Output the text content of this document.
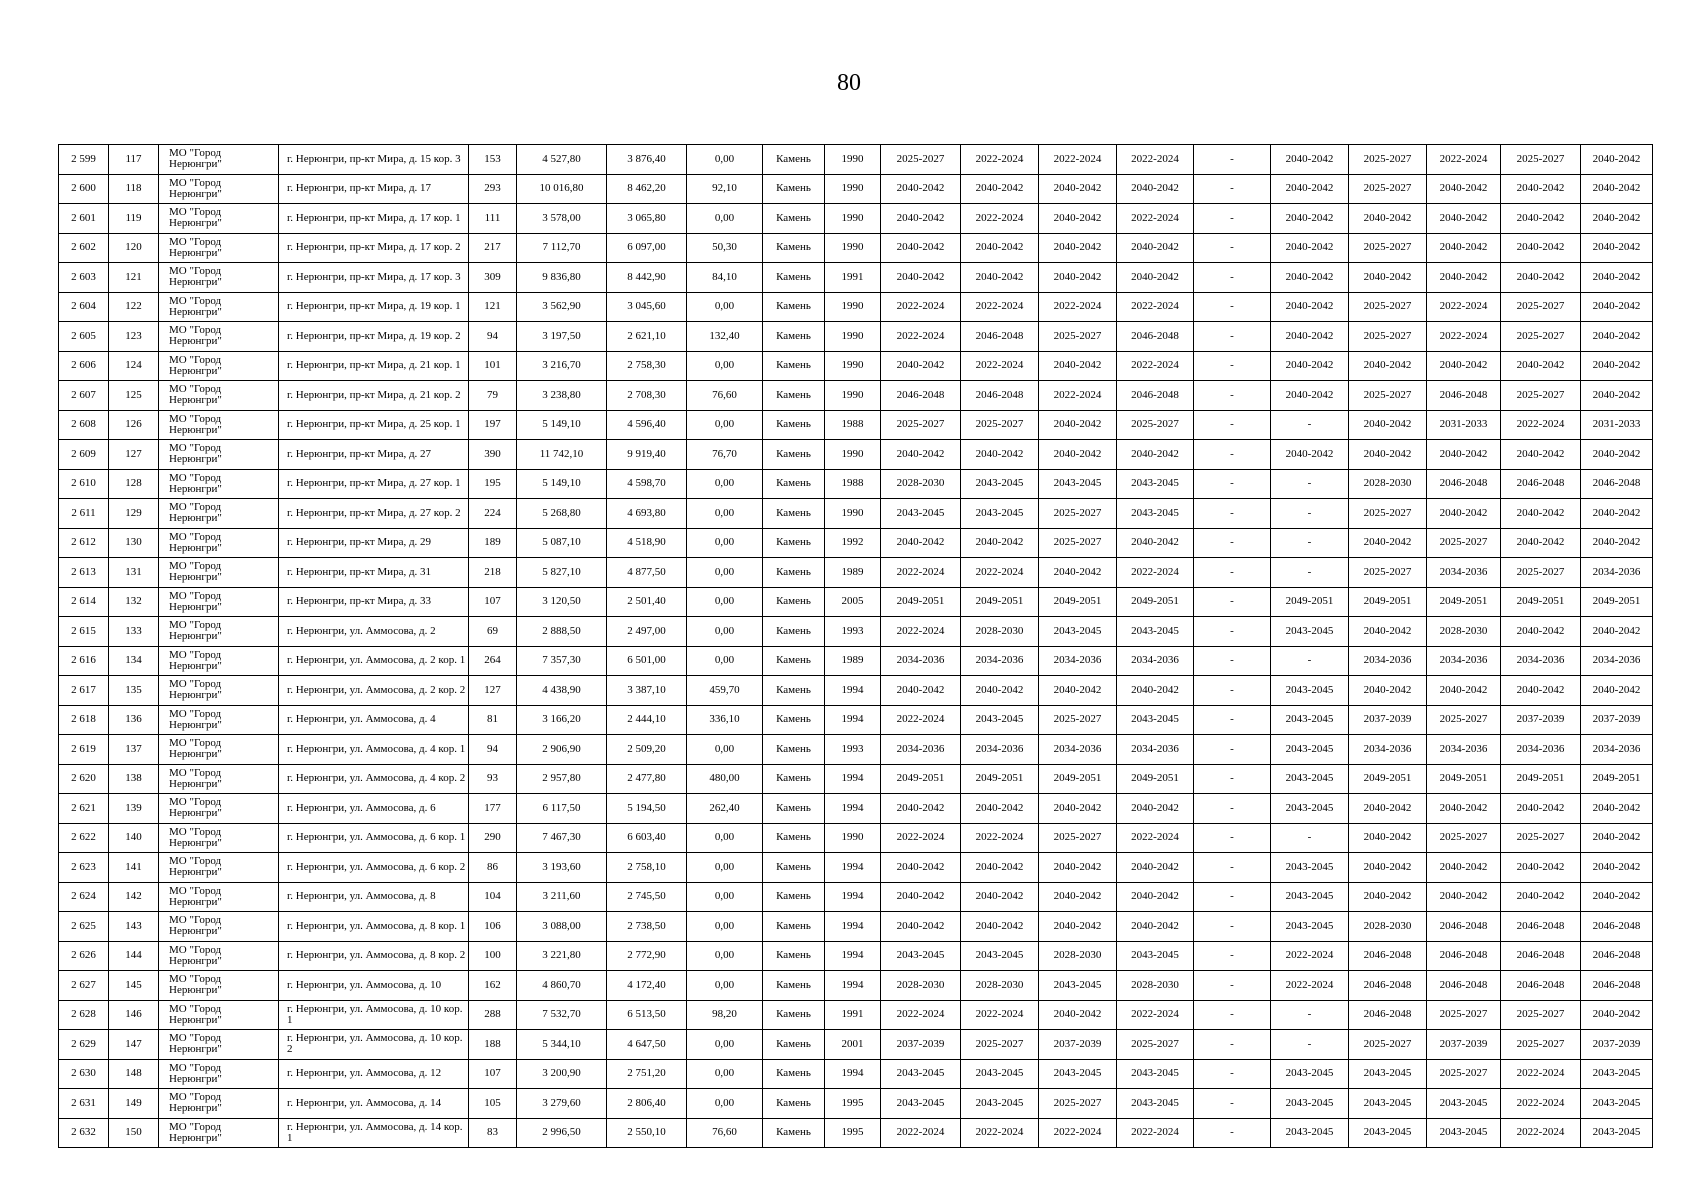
80
2 599	117	МО "Город Нерюнгри"	г. Нерюнгри, пр-кт Мира, д. 15 кор. 3	153	4 527,80	3 876,40	0,00	Камень	1990	2025-2027	2022-2024	2022-2024	2022-2024	-	2040-2042	2025-2027	2022-2024	2025-2027	2040-2042
2 600	118	МО "Город Нерюнгри"	г. Нерюнгри, пр-кт Мира, д. 17	293	10 016,80	8 462,20	92,10	Камень	1990	2040-2042	2040-2042	2040-2042	2040-2042	-	2040-2042	2025-2027	2040-2042	2040-2042	2040-2042
2 601	119	МО "Город Нерюнгри"	г. Нерюнгри, пр-кт Мира, д. 17 кор. 1	111	3 578,00	3 065,80	0,00	Камень	1990	2040-2042	2022-2024	2040-2042	2022-2024	-	2040-2042	2040-2042	2040-2042	2040-2042	2040-2042
2 602	120	МО "Город Нерюнгри"	г. Нерюнгри, пр-кт Мира, д. 17 кор. 2	217	7 112,70	6 097,00	50,30	Камень	1990	2040-2042	2040-2042	2040-2042	2040-2042	-	2040-2042	2025-2027	2040-2042	2040-2042	2040-2042
2 603	121	МО "Город Нерюнгри"	г. Нерюнгри, пр-кт Мира, д. 17 кор. 3	309	9 836,80	8 442,90	84,10	Камень	1991	2040-2042	2040-2042	2040-2042	2040-2042	-	2040-2042	2040-2042	2040-2042	2040-2042	2040-2042
2 604	122	МО "Город Нерюнгри"	г. Нерюнгри, пр-кт Мира, д. 19 кор. 1	121	3 562,90	3 045,60	0,00	Камень	1990	2022-2024	2022-2024	2022-2024	2022-2024	-	2040-2042	2025-2027	2022-2024	2025-2027	2040-2042
2 605	123	МО "Город Нерюнгри"	г. Нерюнгри, пр-кт Мира, д. 19 кор. 2	94	3 197,50	2 621,10	132,40	Камень	1990	2022-2024	2046-2048	2025-2027	2046-2048	-	2040-2042	2025-2027	2022-2024	2025-2027	2040-2042
2 606	124	МО "Город Нерюнгри"	г. Нерюнгри, пр-кт Мира, д. 21 кор. 1	101	3 216,70	2 758,30	0,00	Камень	1990	2040-2042	2022-2024	2040-2042	2022-2024	-	2040-2042	2040-2042	2040-2042	2040-2042	2040-2042
2 607	125	МО "Город Нерюнгри"	г. Нерюнгри, пр-кт Мира, д. 21 кор. 2	79	3 238,80	2 708,30	76,60	Камень	1990	2046-2048	2046-2048	2022-2024	2046-2048	-	2040-2042	2025-2027	2046-2048	2025-2027	2040-2042
2 608	126	МО "Город Нерюнгри"	г. Нерюнгри, пр-кт Мира, д. 25 кор. 1	197	5 149,10	4 596,40	0,00	Камень	1988	2025-2027	2025-2027	2040-2042	2025-2027	-	-	2040-2042	2031-2033	2022-2024	2031-2033
2 609	127	МО "Город Нерюнгри"	г. Нерюнгри, пр-кт Мира, д. 27	390	11 742,10	9 919,40	76,70	Камень	1990	2040-2042	2040-2042	2040-2042	2040-2042	-	2040-2042	2040-2042	2040-2042	2040-2042	2040-2042
2 610	128	МО "Город Нерюнгри"	г. Нерюнгри, пр-кт Мира, д. 27 кор. 1	195	5 149,10	4 598,70	0,00	Камень	1988	2028-2030	2043-2045	2043-2045	2043-2045	-	-	2028-2030	2046-2048	2046-2048	2046-2048
2 611	129	МО "Город Нерюнгри"	г. Нерюнгри, пр-кт Мира, д. 27 кор. 2	224	5 268,80	4 693,80	0,00	Камень	1990	2043-2045	2043-2045	2025-2027	2043-2045	-	-	2025-2027	2040-2042	2040-2042	2040-2042
2 612	130	МО "Город Нерюнгри"	г. Нерюнгри, пр-кт Мира, д. 29	189	5 087,10	4 518,90	0,00	Камень	1992	2040-2042	2040-2042	2025-2027	2040-2042	-	-	2040-2042	2025-2027	2040-2042	2040-2042
2 613	131	МО "Город Нерюнгри"	г. Нерюнгри, пр-кт Мира, д. 31	218	5 827,10	4 877,50	0,00	Камень	1989	2022-2024	2022-2024	2040-2042	2022-2024	-	-	2025-2027	2034-2036	2025-2027	2034-2036
2 614	132	МО "Город Нерюнгри"	г. Нерюнгри, пр-кт Мира, д. 33	107	3 120,50	2 501,40	0,00	Камень	2005	2049-2051	2049-2051	2049-2051	2049-2051	-	2049-2051	2049-2051	2049-2051	2049-2051	2049-2051
2 615	133	МО "Город Нерюнгри"	г. Нерюнгри, ул. Аммосова, д. 2	69	2 888,50	2 497,00	0,00	Камень	1993	2022-2024	2028-2030	2043-2045	2043-2045	-	2043-2045	2040-2042	2028-2030	2040-2042	2040-2042
2 616	134	МО "Город Нерюнгри"	г. Нерюнгри, ул. Аммосова, д. 2 кор. 1	264	7 357,30	6 501,00	0,00	Камень	1989	2034-2036	2034-2036	2034-2036	2034-2036	-	-	2034-2036	2034-2036	2034-2036	2034-2036
2 617	135	МО "Город Нерюнгри"	г. Нерюнгри, ул. Аммосова, д. 2 кор. 2	127	4 438,90	3 387,10	459,70	Камень	1994	2040-2042	2040-2042	2040-2042	2040-2042	-	2043-2045	2040-2042	2040-2042	2040-2042	2040-2042
2 618	136	МО "Город Нерюнгри"	г. Нерюнгри, ул. Аммосова, д. 4	81	3 166,20	2 444,10	336,10	Камень	1994	2022-2024	2043-2045	2025-2027	2043-2045	-	2043-2045	2037-2039	2025-2027	2037-2039	2037-2039
2 619	137	МО "Город Нерюнгри"	г. Нерюнгри, ул. Аммосова, д. 4 кор. 1	94	2 906,90	2 509,20	0,00	Камень	1993	2034-2036	2034-2036	2034-2036	2034-2036	-	2043-2045	2034-2036	2034-2036	2034-2036	2034-2036
2 620	138	МО "Город Нерюнгри"	г. Нерюнгри, ул. Аммосова, д. 4 кор. 2	93	2 957,80	2 477,80	480,00	Камень	1994	2049-2051	2049-2051	2049-2051	2049-2051	-	2043-2045	2049-2051	2049-2051	2049-2051	2049-2051
2 621	139	МО "Город Нерюнгри"	г. Нерюнгри, ул. Аммосова, д. 6	177	6 117,50	5 194,50	262,40	Камень	1994	2040-2042	2040-2042	2040-2042	2040-2042	-	2043-2045	2040-2042	2040-2042	2040-2042	2040-2042
2 622	140	МО "Город Нерюнгри"	г. Нерюнгри, ул. Аммосова, д. 6 кор. 1	290	7 467,30	6 603,40	0,00	Камень	1990	2022-2024	2022-2024	2025-2027	2022-2024	-	-	2040-2042	2025-2027	2025-2027	2040-2042
2 623	141	МО "Город Нерюнгри"	г. Нерюнгри, ул. Аммосова, д. 6 кор. 2	86	3 193,60	2 758,10	0,00	Камень	1994	2040-2042	2040-2042	2040-2042	2040-2042	-	2043-2045	2040-2042	2040-2042	2040-2042	2040-2042
2 624	142	МО "Город Нерюнгри"	г. Нерюнгри, ул. Аммосова, д. 8	104	3 211,60	2 745,50	0,00	Камень	1994	2040-2042	2040-2042	2040-2042	2040-2042	-	2043-2045	2040-2042	2040-2042	2040-2042	2040-2042
2 625	143	МО "Город Нерюнгри"	г. Нерюнгри, ул. Аммосова, д. 8 кор. 1	106	3 088,00	2 738,50	0,00	Камень	1994	2040-2042	2040-2042	2040-2042	2040-2042	-	2043-2045	2028-2030	2046-2048	2046-2048	2046-2048
2 626	144	МО "Город Нерюнгри"	г. Нерюнгри, ул. Аммосова, д. 8 кор. 2	100	3 221,80	2 772,90	0,00	Камень	1994	2043-2045	2043-2045	2028-2030	2043-2045	-	2022-2024	2046-2048	2046-2048	2046-2048	2046-2048
2 627	145	МО "Город Нерюнгри"	г. Нерюнгри, ул. Аммосова, д. 10	162	4 860,70	4 172,40	0,00	Камень	1994	2028-2030	2028-2030	2043-2045	2028-2030	-	2022-2024	2046-2048	2046-2048	2046-2048	2046-2048
2 628	146	МО "Город Нерюнгри"	г. Нерюнгри, ул. Аммосова, д. 10 кор. 1	288	7 532,70	6 513,50	98,20	Камень	1991	2022-2024	2022-2024	2040-2042	2022-2024	-	-	2046-2048	2025-2027	2025-2027	2040-2042
2 629	147	МО "Город Нерюнгри"	г. Нерюнгри, ул. Аммосова, д. 10 кор. 2	188	5 344,10	4 647,50	0,00	Камень	2001	2037-2039	2025-2027	2037-2039	2025-2027	-	-	2025-2027	2037-2039	2025-2027	2037-2039
2 630	148	МО "Город Нерюнгри"	г. Нерюнгри, ул. Аммосова, д. 12	107	3 200,90	2 751,20	0,00	Камень	1994	2043-2045	2043-2045	2043-2045	2043-2045	-	2043-2045	2043-2045	2025-2027	2022-2024	2043-2045
2 631	149	МО "Город Нерюнгри"	г. Нерюнгри, ул. Аммосова, д. 14	105	3 279,60	2 806,40	0,00	Камень	1995	2043-2045	2043-2045	2025-2027	2043-2045	-	2043-2045	2043-2045	2043-2045	2022-2024	2043-2045
2 632	150	МО "Город Нерюнгри"	г. Нерюнгри, ул. Аммосова, д. 14 кор. 1	83	2 996,50	2 550,10	76,60	Камень	1995	2022-2024	2022-2024	2022-2024	2022-2024	-	2043-2045	2043-2045	2043-2045	2022-2024	2043-2045
